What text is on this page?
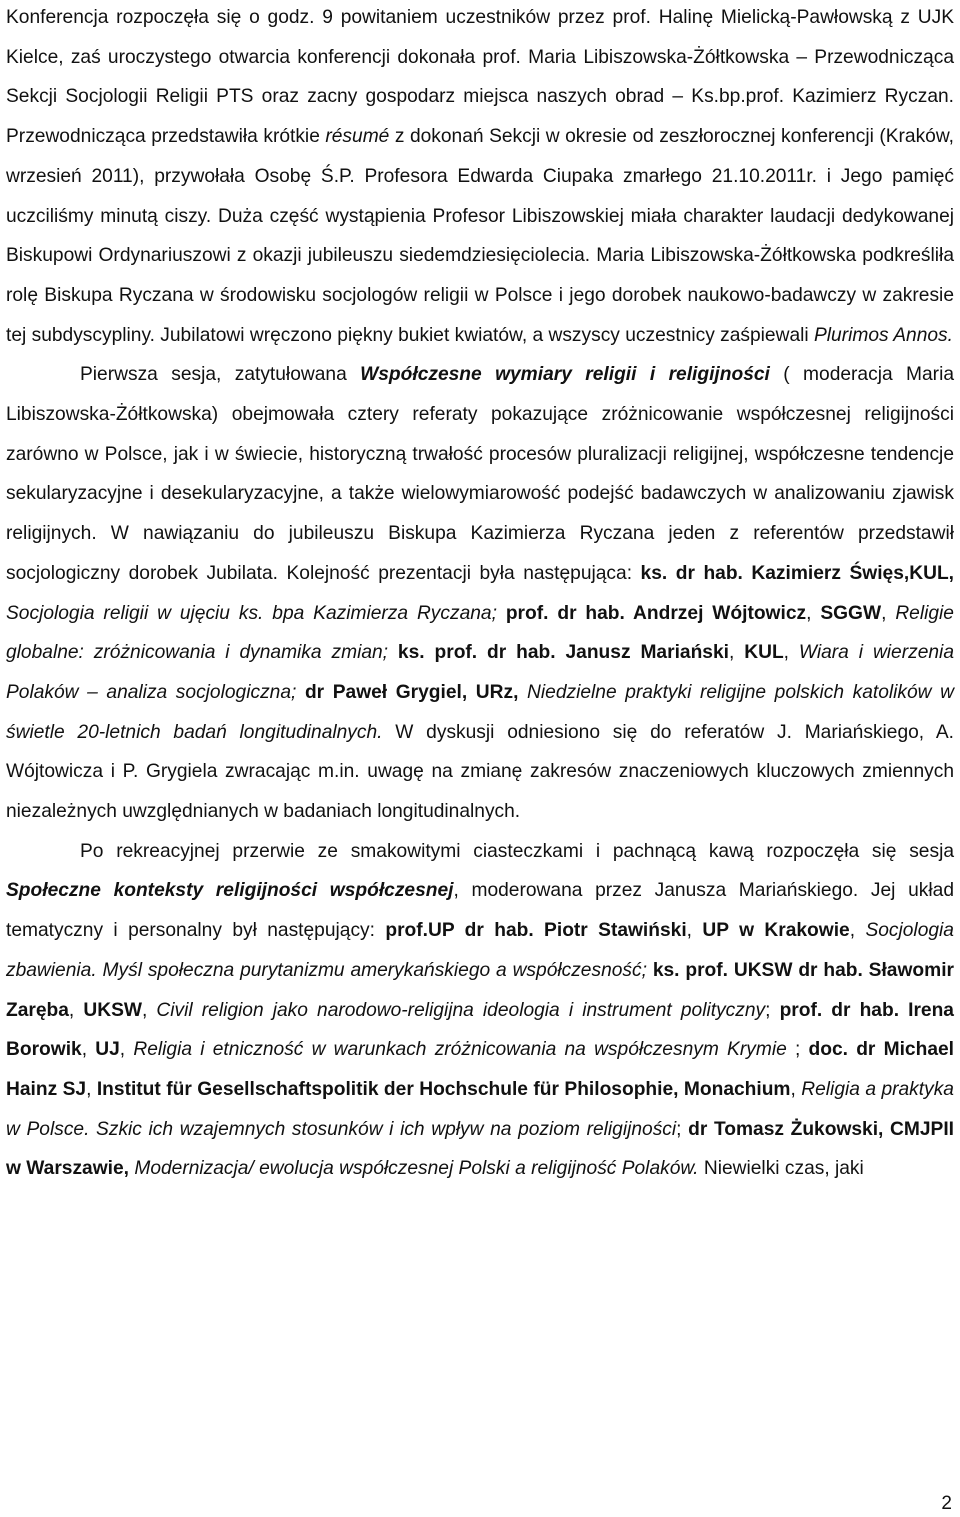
Konferencja rozpoczęła się o godz. 9 powitaniem uczestników przez prof. Halinę Mielicką-Pawłowską z UJK Kielce, zaś uroczystego otwarcia konferencji dokonała prof. Maria Libiszowska-Żółtkowska – Przewodnicząca Sekcji Socjologii Religii PTS oraz zacny gospodarz miejsca naszych obrad – Ks.bp.prof. Kazimierz Ryczan. Przewodnicząca przedstawiła krótkie résumé z dokonań Sekcji w okresie od zeszłorocznej konferencji (Kraków, wrzesień 2011), przywołała Osobę Ś.P. Profesora Edwarda Ciupaka zmarłego 21.10.2011r. i Jego pamięć uczciliśmy minutą ciszy. Duża część wystąpienia Profesor Libiszowskiej miała charakter laudacji dedykowanej Biskupowi Ordynariuszowi z okazji jubileuszu siedemdziesięciolecia. Maria Libiszowska-Żółtkowska podkreśliła rolę Biskupa Ryczana w środowisku socjologów religii w Polsce i jego dorobek naukowo-badawczy w zakresie tej subdyscypliny. Jubilatowi wręczono piękny bukiet kwiatów, a wszyscy uczestnicy zaśpiewali Plurimos Annos.

Pierwsza sesja, zatytułowana Współczesne wymiary religii i religijności ( moderacja Maria Libiszowska-Żółtkowska) obejmowała cztery referaty pokazujące zróżnicowanie współczesnej religijności zarówno w Polsce, jak i w świecie, historyczną trwałość procesów pluralizacji religijnej, współczesne tendencje sekularyzacyjne i desekularyzacyjne, a także wielowymiarowość podejść badawczych w analizowaniu zjawisk religijnych. W nawiązaniu do jubileuszu Biskupa Kazimierza Ryczana jeden z referentów przedstawił socjologiczny dorobek Jubilata. Kolejność prezentacji była następująca: ks. dr hab. Kazimierz Święs,KUL, Socjologia religii w ujęciu ks. bpa Kazimierza Ryczana; prof. dr hab. Andrzej Wójtowicz, SGGW, Religie globalne: zróżnicowania i dynamika zmian; ks. prof. dr hab. Janusz Mariański, KUL, Wiara i wierzenia Polaków – analiza socjologiczna; dr Paweł Grygiel, URz, Niedzielne praktyki religijne polskich katolików w świetle 20-letnich badań longitudinalnych. W dyskusji odniesiono się do referatów J. Mariańskiego, A. Wójtowicza i P. Grygiela zwracając m.in. uwagę na zmianę zakresów znaczeniowych kluczowych zmiennych niezależnych uwzględnianych w badaniach longitudinalnych.

Po rekreacyjnej przerwie ze smakowitymi ciasteczkami i pachnącą kawą rozpoczęła się sesja Społeczne konteksty religijności współczesnej, moderowana przez Janusza Mariańskiego. Jej układ tematyczny i personalny był następujący: prof.UP dr hab. Piotr Stawiński, UP w Krakowie, Socjologia zbawienia. Myśl społeczna purytanizmu amerykańskiego a współczesność; ks. prof. UKSW dr hab. Sławomir Zaręba, UKSW, Civil religion jako narodowo-religijna ideologia i instrument polityczny; prof. dr hab. Irena Borowik, UJ, Religia i etniczność w warunkach zróżnicowania na współczesnym Krymie ; doc. dr Michael Hainz SJ, Institut für Gesellschaftspolitik der Hochschule für Philosophie, Monachium, Religia a praktyka w Polsce. Szkic ich wzajemnych stosunków i ich wpływ na poziom religijności; dr Tomasz Żukowski, CMJPII w Warszawie, Modernizacja/ ewolucja współczesnej Polski a religijność Polaków. Niewielki czas, jaki

2
